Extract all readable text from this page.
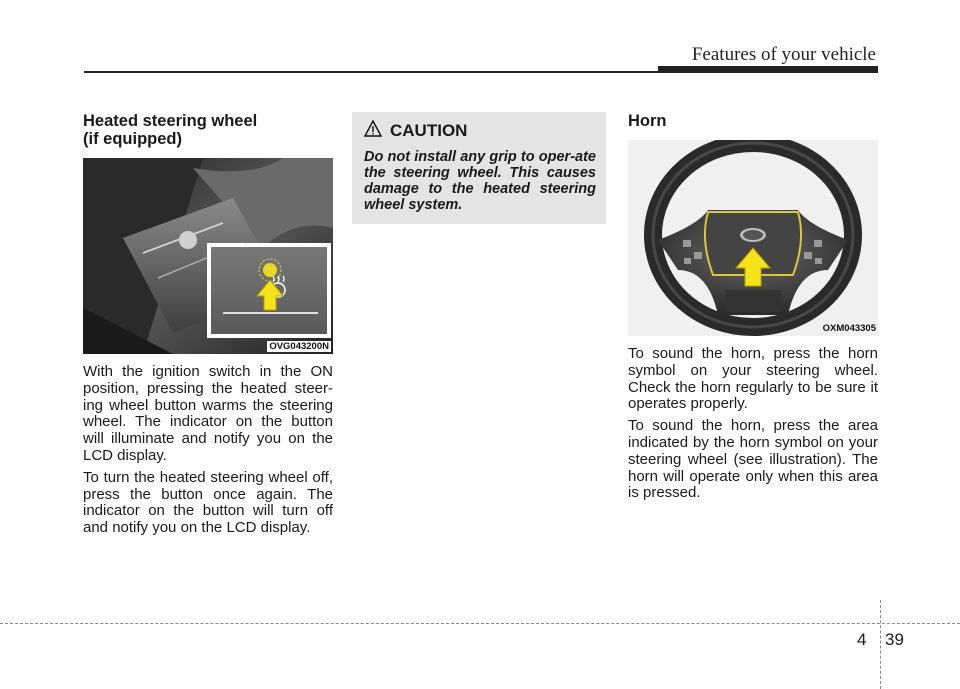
Features of your vehicle
Heated steering wheel
(if equipped)
OVG043200N

With the ignition switch in the ON position, pressing the heated steer-ing wheel button warms the steering wheel. The indicator on the button will illuminate and notify you on the LCD display.

To turn the heated steering wheel off, press the button once again. The indicator on the button will turn off and notify you on the LCD display.

CAUTION
Do not install any grip to oper-ate the steering wheel. This causes damage to the heated steering wheel system.
Horn
OXM043305

To sound the horn, press the horn symbol on your steering wheel. Check the horn regularly to be sure it operates properly.

To sound the horn, press the area indicated by the horn symbol on your steering wheel (see illustration). The horn will operate only when this area is pressed.

4 39
